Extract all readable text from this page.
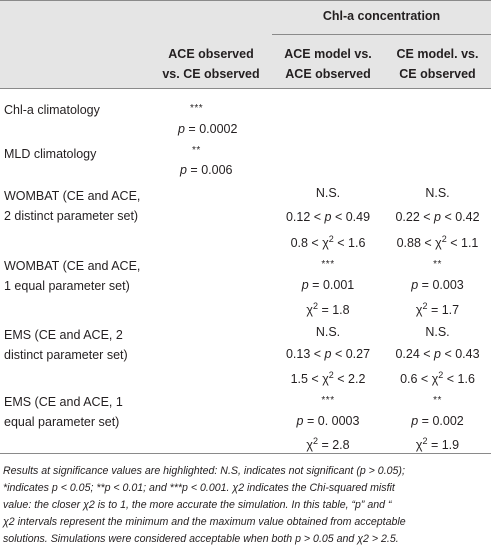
Chl-a concentration
ACE observed
vs. CE observed
ACE model vs.
ACE observed
CE model. vs.
CE observed
Chl-a climatology
MLD climatology
WOMBAT (CE and ACE,
2 distinct parameter set)
WOMBAT (CE and ACE,
1 equal parameter set)
EMS (CE and ACE, 2
distinct parameter set)
EMS (CE and ACE, 1
equal parameter set)
***
p = 0.0002
**
p = 0.006
N.S.
0.12 < p < 0.49
$0.8 < \chi^2 < 1.6$
N.S.
0.22 < p < 0.42
$0.88 < \chi^2 < 1.1$
***
p = 0.001
$\chi^2 = 1.8$
**
p = 0.003
$\chi^2 = 1.7$
N.S.
0.13 < p < 0.27
$1.5 < \chi^2 < 2.2$
N.S.
0.24 < p < 0.43
$0.6 < \chi^2 < 1.6$
***
p = 0. 0003
$\chi^2 = 2.8$
**
p = 0.002
$\chi^2 = 1.9$
Results at significance values are highlighted: N.S, indicates not significant (p > 0.05);
*indicates p < 0.05; **p < 0.01; and ***p < 0.001. χ2 indicates the Chi-squared misfit
value: the closer χ2 is to 1, the more accurate the simulation. In this table, “p” and “
χ2 intervals represent the minimum and the maximum value obtained from acceptable
solutions. Simulations were considered acceptable when both p > 0.05 and χ2 > 2.5.
